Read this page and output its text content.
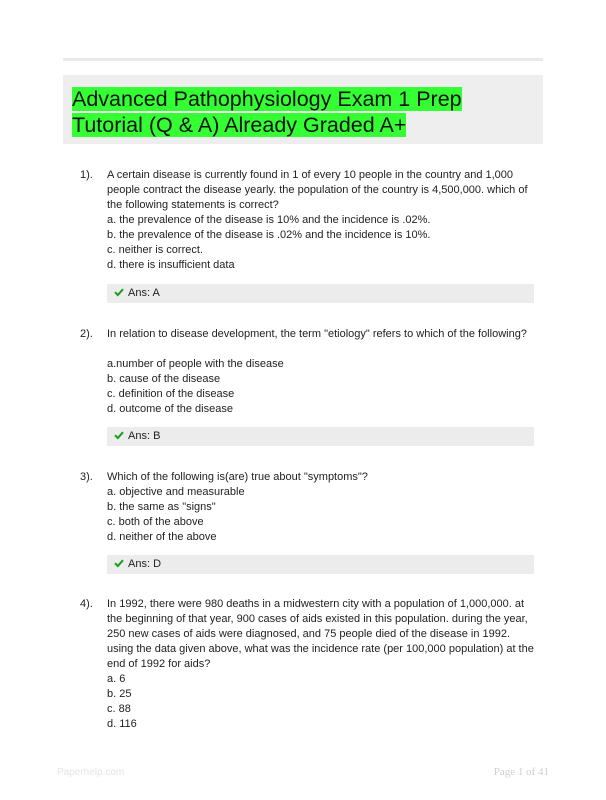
Advanced Pathophysiology Exam 1 Prep Tutorial (Q & A) Already Graded A+
1).	A certain disease is currently found in 1 of every 10 people in the country and 1,000 people contract the disease yearly. the population of the country is 4,500,000. which of the following statements is correct?
a. the prevalence of the disease is 10% and the incidence is .02%.
b. the prevalence of the disease is .02% and the incidence is 10%.
c. neither is correct.
d. there is insufficient data
Ans: A
2).	In relation to disease development, the term "etiology" refers to which of the following?
a.number of people with the disease
b. cause of the disease
c. definition of the disease
d. outcome of the disease
Ans: B
3).	Which of the following is(are) true about "symptoms"?
a. objective and measurable
b. the same as "signs"
c. both of the above
d. neither of the above
Ans: D
4).	In 1992, there were 980 deaths in a midwestern city with a population of 1,000,000. at the beginning of that year, 900 cases of aids existed in this population. during the year, 250 new cases of aids were diagnosed, and 75 people died of the disease in 1992.
using the data given above, what was the incidence rate (per 100,000 population) at the end of 1992 for aids?
a. 6
b. 25
c. 88
d. 116
Paperhelp.com	Page 1 of 41
